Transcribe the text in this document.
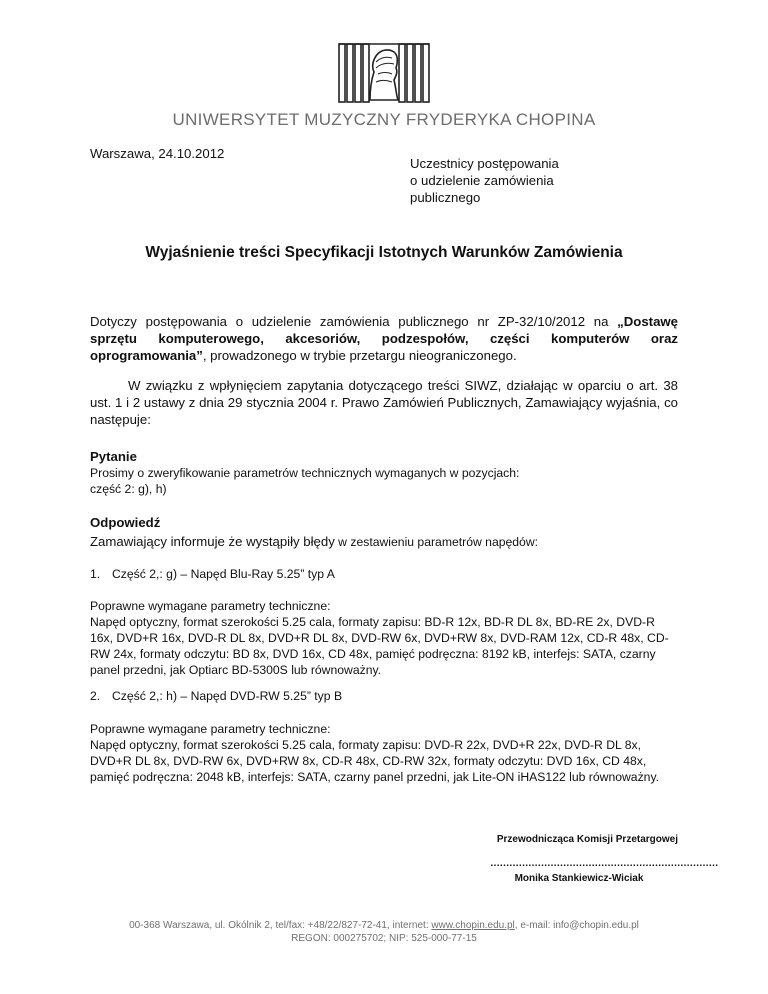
UNIWERSYTET MUZYCZNY FRYDERYKA CHOPINA
Warszawa, 24.10.2012
Uczestnicy postępowania
o udzielenie zamówienia
publicznego
Wyjaśnienie treści Specyfikacji Istotnych Warunków Zamówienia
Dotyczy postępowania o udzielenie zamówienia publicznego nr ZP-32/10/2012 na „Dostawę sprzętu komputerowego, akcesoriów, podzespołów, części komputerów oraz oprogramowania”, prowadzonego w trybie przetargu nieograniczonego.
W związku z wpłynięciem zapytania dotyczącego treści SIWZ, działając w oparciu o art. 38 ust. 1 i 2 ustawy z dnia 29 stycznia 2004 r. Prawo Zamówień Publicznych, Zamawiający wyjaśnia, co następuje:
Pytanie
Prosimy o zweryfikowanie parametrów technicznych wymaganych w pozycjach:
część 2: g), h)
Odpowiedź
Zamawiający informuje że wystąpiły błędy w zestawieniu parametrów napędów:
1. Część 2,: g) – Napęd Blu-Ray 5.25” typ A
Poprawne wymagane parametry techniczne:
Napęd optyczny, format szerokości 5.25 cala, formaty zapisu: BD-R 12x, BD-R DL 8x, BD-RE 2x, DVD-R 16x, DVD+R 16x, DVD-R DL 8x, DVD+R DL 8x, DVD-RW 6x, DVD+RW 8x, DVD-RAM 12x, CD-R 48x, CD-RW 24x, formaty odczytu: BD 8x, DVD 16x, CD 48x, pamięć podręczna: 8192 kB, interfejs: SATA, czarny panel przedni, jak Optiarc BD-5300S lub równoważny.
2. Część 2,: h) – Napęd DVD-RW 5.25” typ B
Poprawne wymagane parametry techniczne:
Napęd optyczny, format szerokości 5.25 cala, formaty zapisu: DVD-R 22x, DVD+R 22x, DVD-R DL 8x, DVD+R DL 8x, DVD-RW 6x, DVD+RW 8x, CD-R 48x, CD-RW 32x, formaty odczytu: DVD 16x, CD 48x, pamięć podręczna: 2048 kB, interfejs: SATA, czarny panel przedni, jak Lite-ON iHAS122 lub równoważny.
Przewodnicząca Komisji Przetargowej
………………………………………………………………
Monika Stankiewicz-Wiciak
00-368 Warszawa, ul. Okólnik 2, tel/fax: +48/22/827-72-41, internet: www.chopin.edu.pl, e-mail: info@chopin.edu.pl
REGON: 000275702; NIP: 525-000-77-15
